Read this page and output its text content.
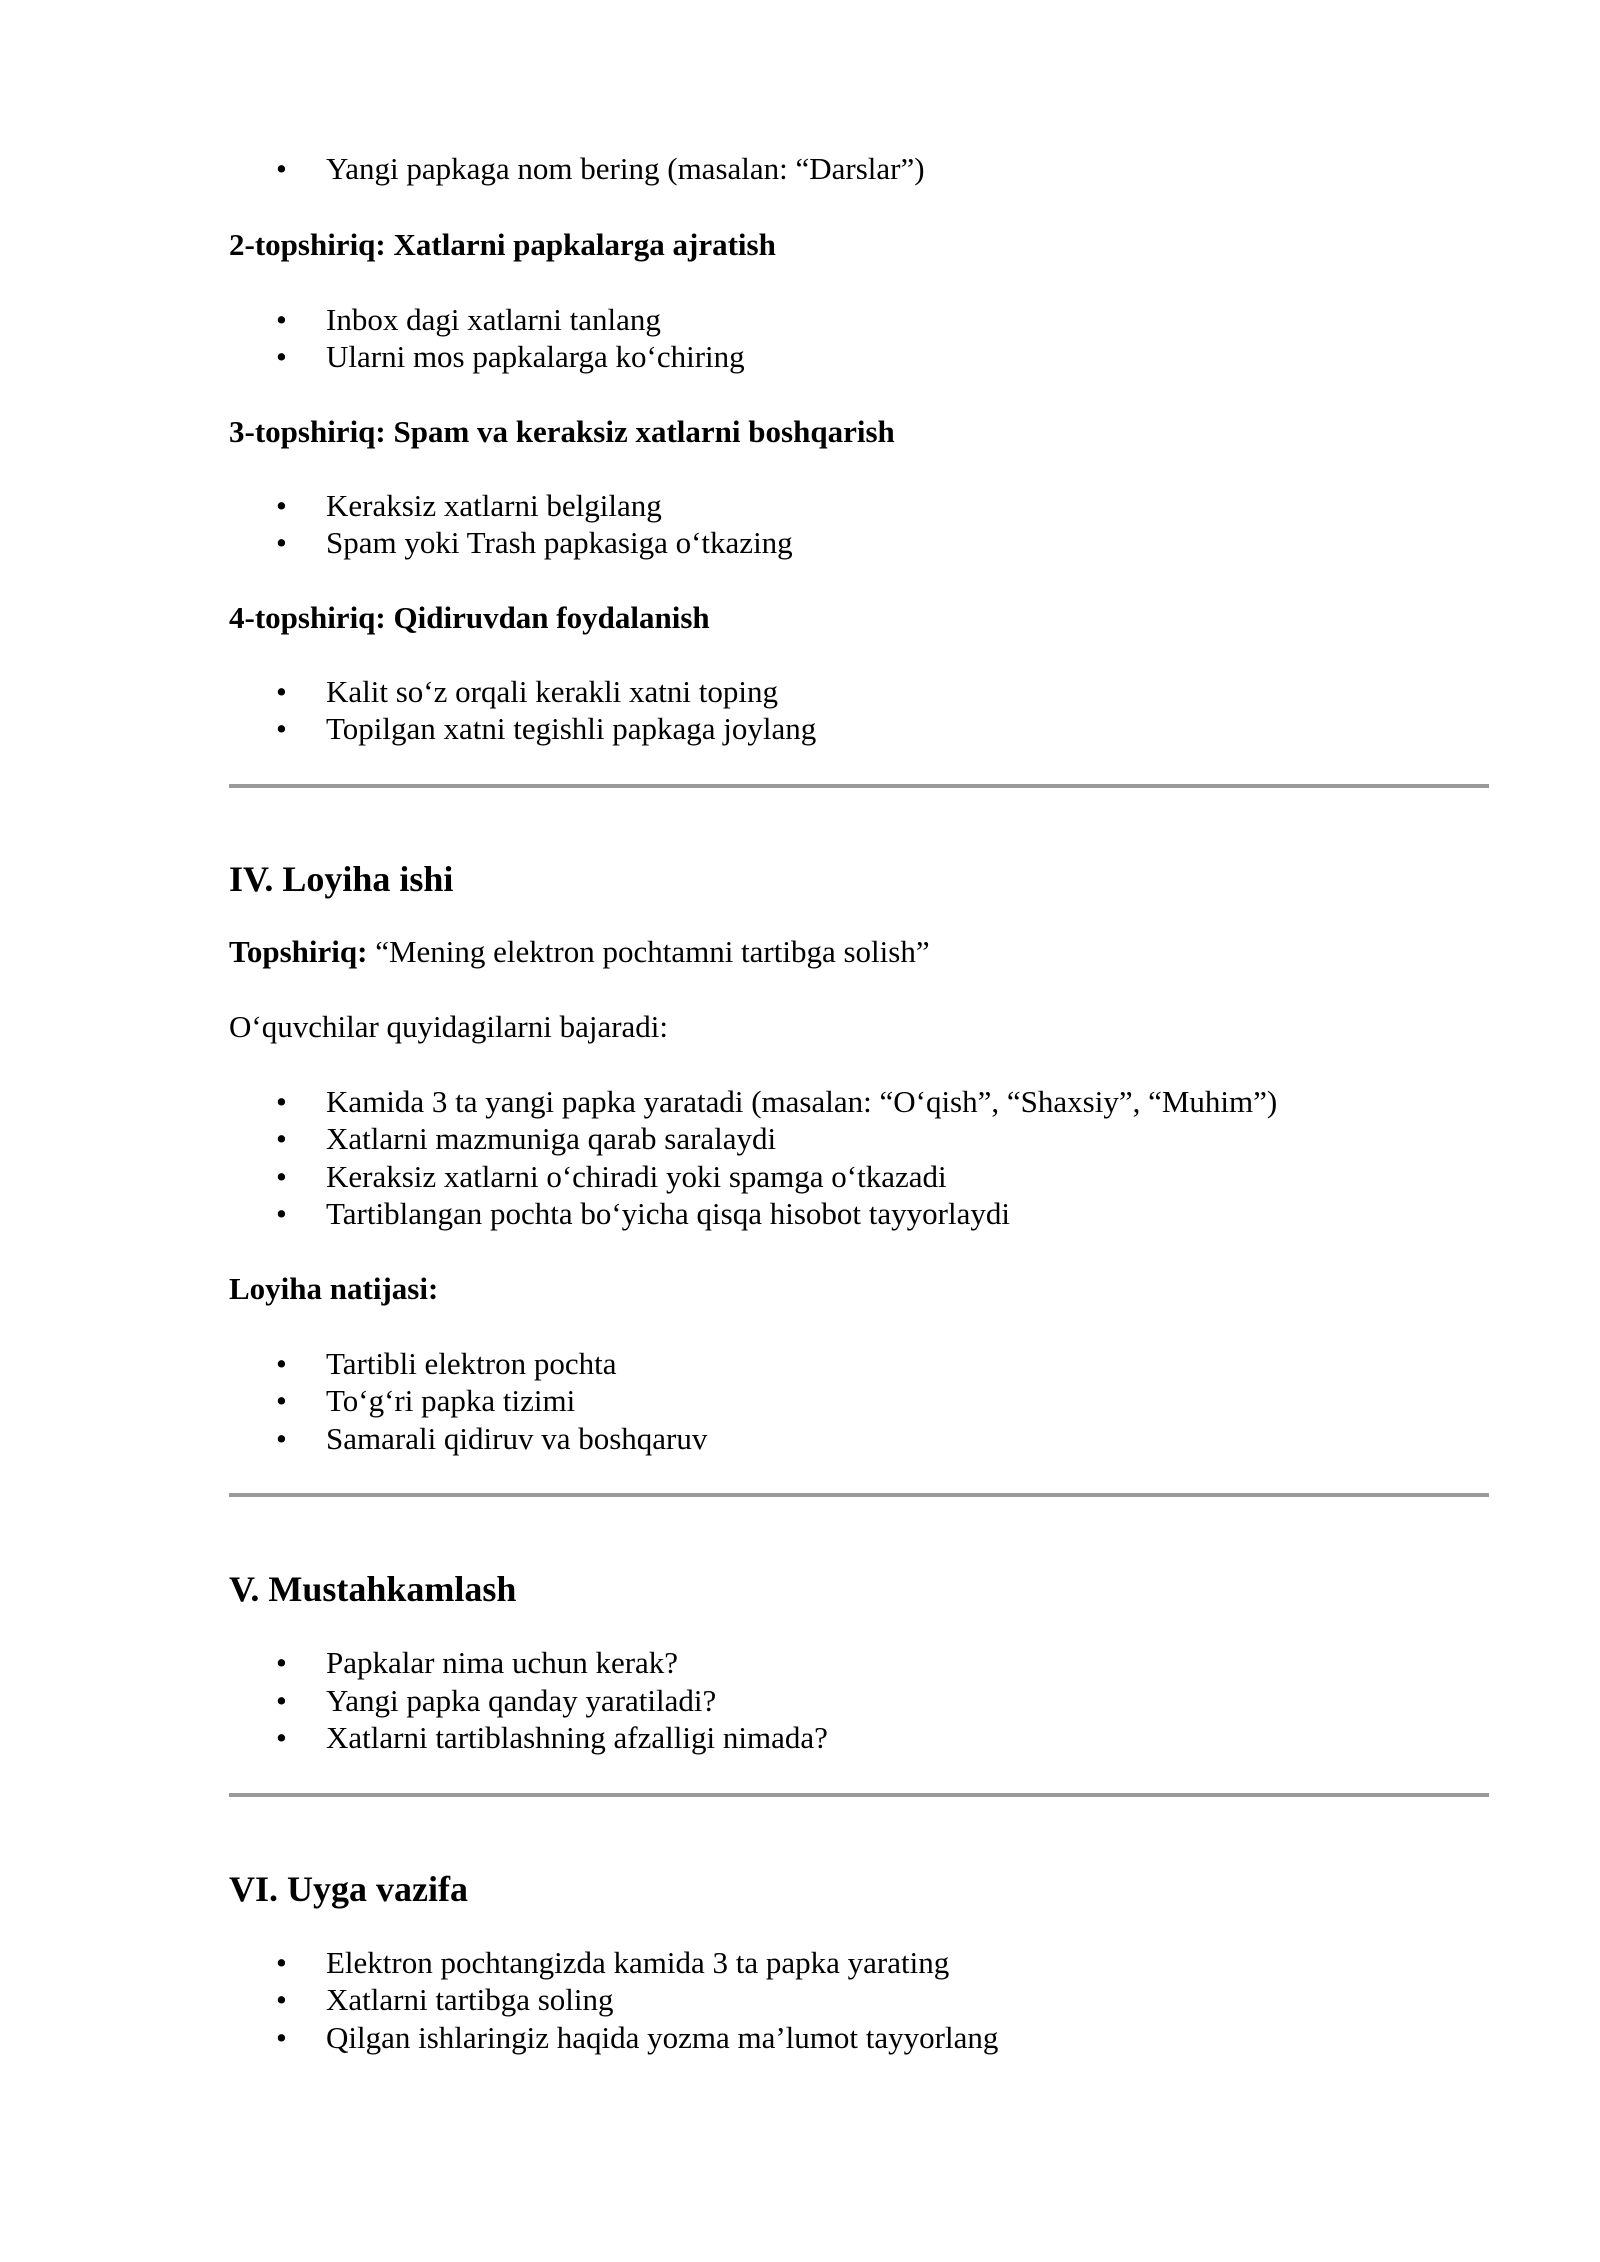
• Yangi papkaga nom bering (masalan: “Darslar”)

2-topshiriq: Xatlarni papkalarga ajratish

• Inbox dagi xatlarni tanlang
• Ularni mos papkalarga ko‘chiring

3-topshiriq: Spam va keraksiz xatlarni boshqarish

• Keraksiz xatlarni belgilang
• Spam yoki Trash papkasiga o‘tkazing

4-topshiriq: Qidiruvdan foydalanish

• Kalit so‘z orqali kerakli xatni toping
• Topilgan xatni tegishli papkaga joylang
IV. Loyiha ishi

Topshiriq: “Mening elektron pochtamni tartibga solish”

O‘quvchilar quyidagilarni bajaradi:

• Kamida 3 ta yangi papka yaratadi (masalan: “O‘qish”, “Shaxsiy”, “Muhim”)
• Xatlarni mazmuniga qarab saralaydi
• Keraksiz xatlarni o‘chiradi yoki spamga o‘tkazadi
• Tartiblangan pochta bo‘yicha qisqa hisobot tayyorlaydi

Loyiha natijasi:

• Tartibli elektron pochta
• To‘g‘ri papka tizimi
• Samarali qidiruv va boshqaruv
V. Mustahkamlash
• Papkalar nima uchun kerak?
• Yangi papka qanday yaratiladi?
• Xatlarni tartiblashning afzalligi nimada?
VI. Uyga vazifa
• Elektron pochtangizda kamida 3 ta papka yarating
• Xatlarni tartibga soling
• Qilgan ishlaringiz haqida yozma ma’lumot tayyorlang
